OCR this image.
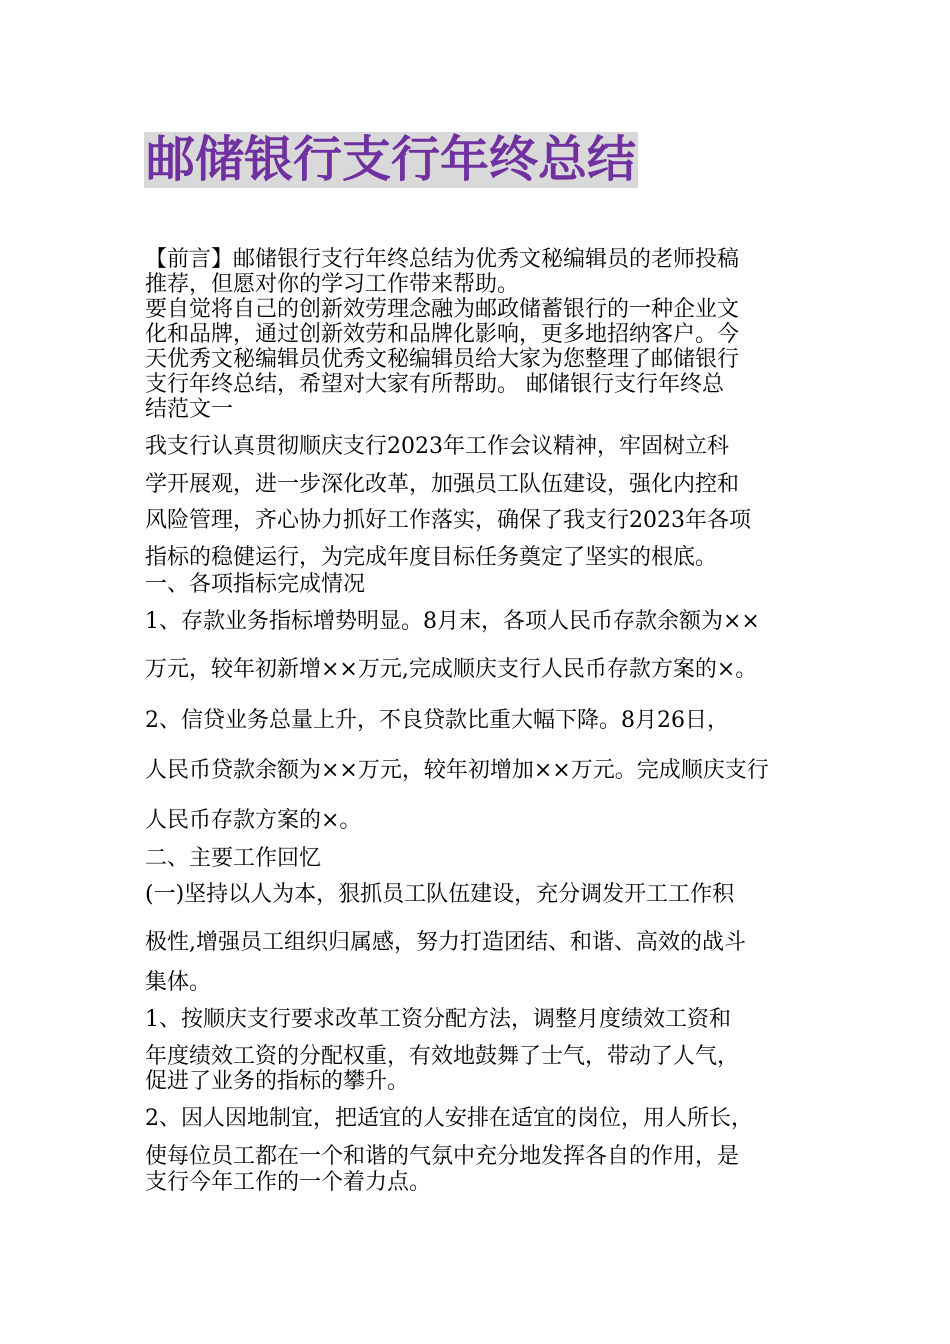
邮储银行支行年终总结
【前言】邮储银行支行年终总结为优秀文秘编辑员的老师投稿
推荐，但愿对你的学习工作带来帮助。
要自觉将自己的创新效劳理念融为邮政储蓄银行的一种企业文
化和品牌，通过创新效劳和品牌化影响，更多地招纳客户。今
天优秀文秘编辑员优秀文秘编辑员给大家为您整理了邮储银行
支行年终总结，希望对大家有所帮助。 邮储银行支行年终总
结范文一
我支行认真贯彻顺庆支行2023年工作会议精神，牢固树立科
学开展观，进一步深化改革，加强员工队伍建设，强化内控和
风险管理，齐心协力抓好工作落实，确保了我支行2023年各项
指标的稳健运行，为完成年度目标任务奠定了坚实的根底。
一、各项指标完成情况
1、存款业务指标增势明显。8月末，各项人民币存款余额为××
万元，较年初新增××万元,完成顺庆支行人民币存款方案的×。
2、信贷业务总量上升，不良贷款比重大幅下降。8月26日，
人民币贷款余额为××万元，较年初增加××万元。完成顺庆支行
人民币存款方案的×。
二、主要工作回忆
(一)坚持以人为本，狠抓员工队伍建设，充分调发开工工作积
极性,增强员工组织归属感，努力打造团结、和谐、高效的战斗
集体。
1、按顺庆支行要求改革工资分配方法，调整月度绩效工资和
年度绩效工资的分配权重，有效地鼓舞了士气，带动了人气，
促进了业务的指标的攀升。
2、因人因地制宜，把适宜的人安排在适宜的岗位，用人所长，
使每位员工都在一个和谐的气氛中充分地发挥各自的作用，是
支行今年工作的一个着力点。
